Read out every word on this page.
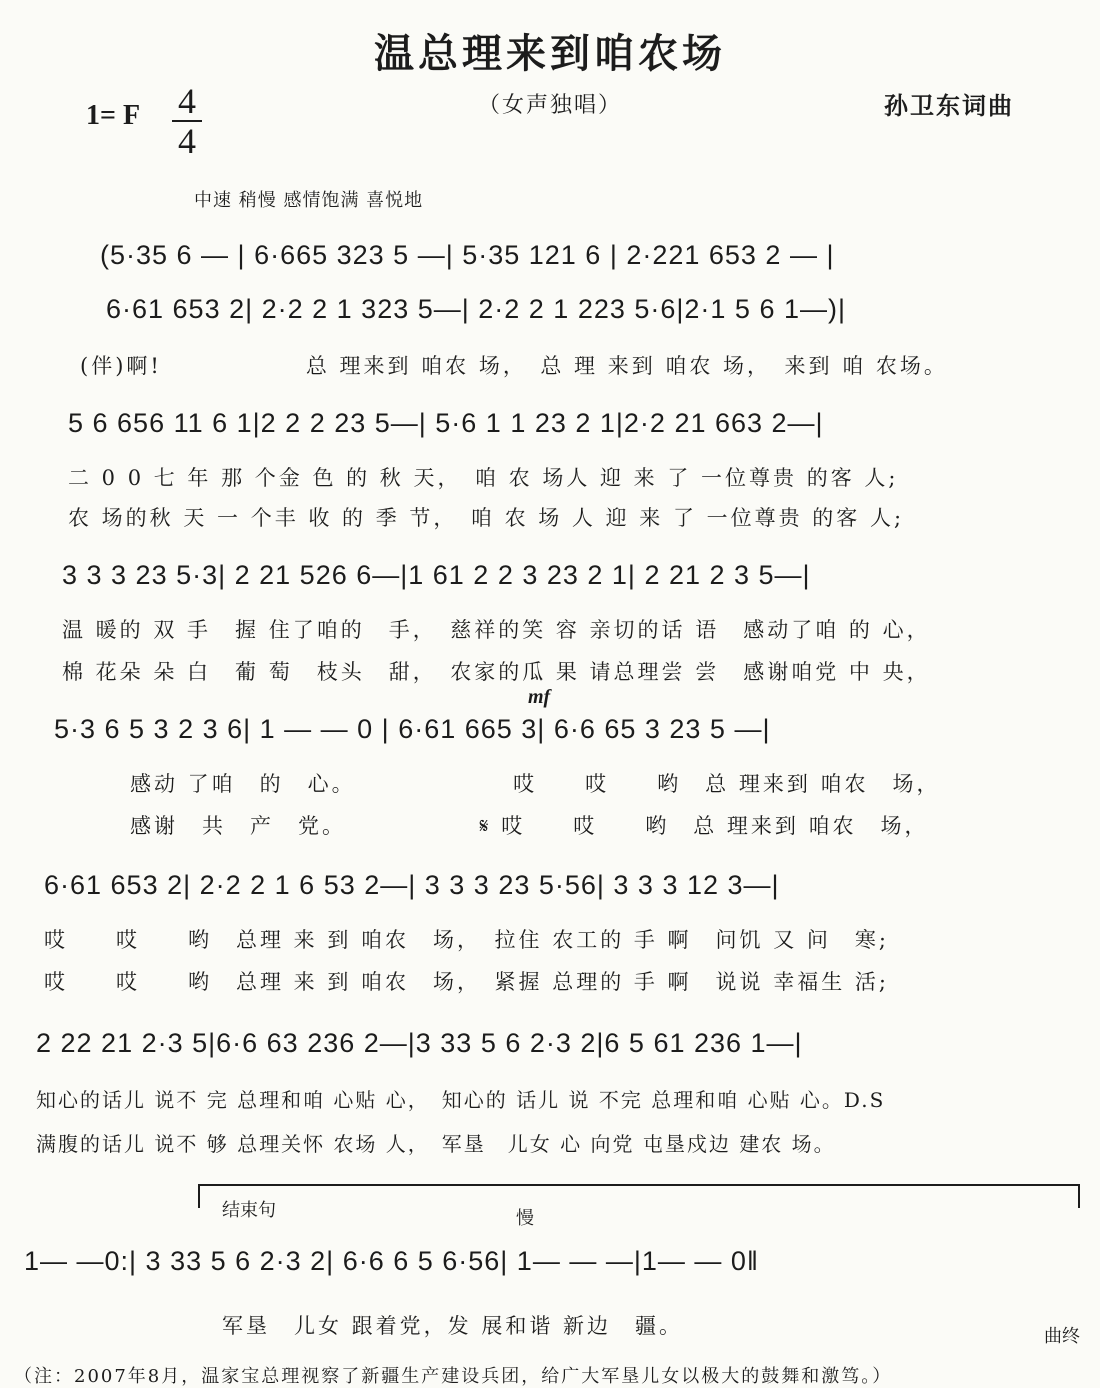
温总理来到咱农场
1= F 4
4
（女声独唱）	孙卫东词曲
中速 稍慢 感情饱满 喜悦地
(5·35 6 — | 6·665 323 5 —| 5·35 121 6 | 2·221 653 2 — |
6·61 653 2| 2·2 2 1 323 5—| 2·2 2 1 223 5·6|2·1 5 6 1—)|
(伴)啊!　　　　　　总 理来到 咱农 场，　总 理 来到 咱农 场，　来到 咱 农场。
5 6 656 11 6 1|2 2 2 23 5—| 5·6 1 1 23 2 1|2·2 21 663 2—|
二 0 0 七 年 那 个金 色 的 秋 天，　咱 农 场人 迎 来 了 一位尊贵 的客 人;
农 场的秋 天 一 个丰 收 的 季 节，　咱 农 场 人 迎 来 了 一位尊贵 的客 人;
3 3 3 23 5·3| 2 21 526 6—|1 61 2 2 3 23 2 1| 2 21 2 3 5—|
温 暖的 双 手　握 住了咱的　手，　慈祥的笑 容 亲切的话 语　感动了咱 的 心，
棉 花朵 朵 白　葡 萄　枝头　甜，　农家的瓜 果 请总理尝 尝　感谢咱党 中 央，
mf
5·3 6 5 3 2 3 6| 1 — — 0 | 6·61 665 3| 6·6 65 3 23 5 —|
感动 了咱　的　心。　　　　　　　哎　　哎　　哟　总 理来到 咱农　场，
感谢　共　产　党。　　　　　　𝄋 哎　　哎　　哟　总 理来到 咱农　场，
6·61 653 2| 2·2 2 1 6 53 2—| 3 3 3 23 5·56| 3 3 3 12 3—|
哎　　哎　　哟　总理 来 到 咱农　场，　拉住 农工的 手 啊　问饥 又 问　寒;
哎　　哎　　哟　总理 来 到 咱农　场，　紧握 总理的 手 啊　说说 幸福生 活;
2 22 21 2·3 5|6·6 63 236 2—|3 33 5 6 2·3 2|6 5 61 236 1—|
知心的话儿 说不 完 总理和咱 心贴 心，　知心的 话儿 说 不完 总理和咱 心贴 心。D.S
满腹的话儿 说不 够 总理关怀 农场 人，　军垦　儿女 心 向党 屯垦戍边 建农 场。
结束句	慢
1— —0:| 3 33 5 6 2·3 2| 6·6 6 5 6·56| 1— — —|1— — 0‖
军垦　儿女 跟着党，发 展和谐 新边　疆。	曲终
（注：2007年8月，温家宝总理视察了新疆生产建设兵团，给广大军垦儿女以极大的鼓舞和激笃。）
